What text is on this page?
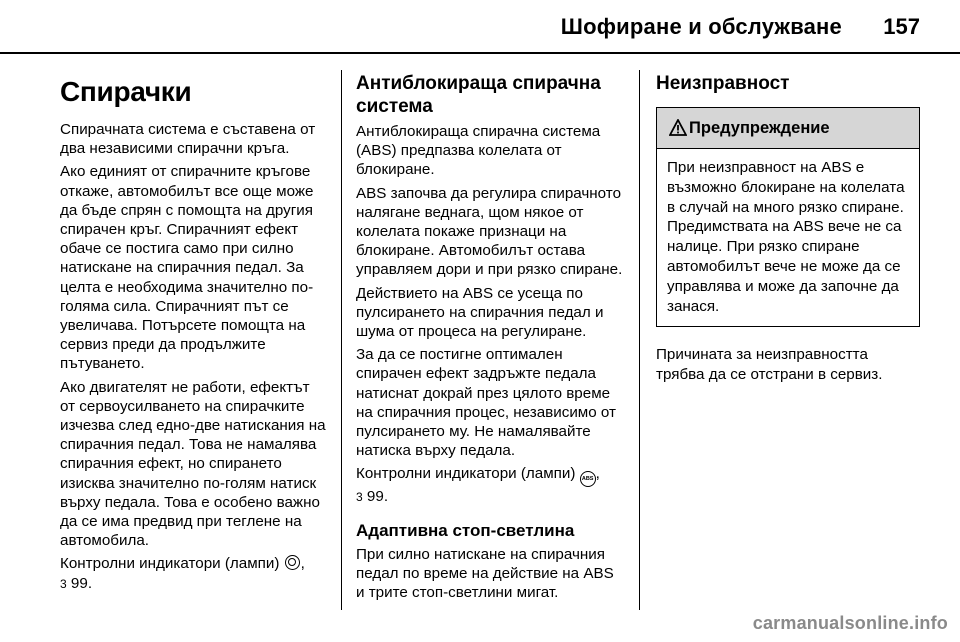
Шофиране и обслужване 157
Спирачки

Спирачната система е съставена от два независими спирачни кръга.

Ако единият от спирачните кръгове откаже, автомобилът все още може да бъде спрян с помощта на другия спирачен кръг. Спирачният ефект обаче се постига само при силно натискане на спирачния педал. За целта е необходима значително по-голяма сила. Спирачният път се увеличава. Потърсете помощта на сервиз преди да продължите пътуването.

Ако двигателят не работи, ефектът от сервоусилването на спирачките изчезва след едно-две натискания на спирачния педал. Това не намалява спирачния ефект, но спирането изисква значително по-голям натиск върху педала. Това е особено важно да се има предвид при теглене на автомобила.

Контролни индикатори (лампи) ,
3 99.

Антиблокираща спирачна система

Антиблокираща спирачна система (ABS) предпазва колелата от блокиране.

ABS започва да регулира спирачното налягане веднага, щом някое от колелата покаже признаци на блокиране. Автомобилът остава управляем дори и при рязко спиране.

Действието на ABS се усеща по пулсирането на спирачния педал и шума от процеса на регулиране.

За да се постигне оптимален спирачен ефект задръжте педала натиснат докрай през цялото време на спирачния процес, независимо от пулсирането му. Не намалявайте натиска върху педала.

Контролни индикатори (лампи) ABS ,
3 99.

Адаптивна стоп-светлина

При силно натискане на спирачния педал по време на действие на ABS и трите стоп-светлини мигат.

Неизправност
Предупреждение

При неизправност на ABS е възможно блокиране на колелата в случай на много рязко спиране. Предимствата на ABS вече не са налице. При рязко спиране автомобилът вече не може да се управлява и може да започне да занася.

Причината за неизправността трябва да се отстрани в сервиз.

carmanualsonline.info
